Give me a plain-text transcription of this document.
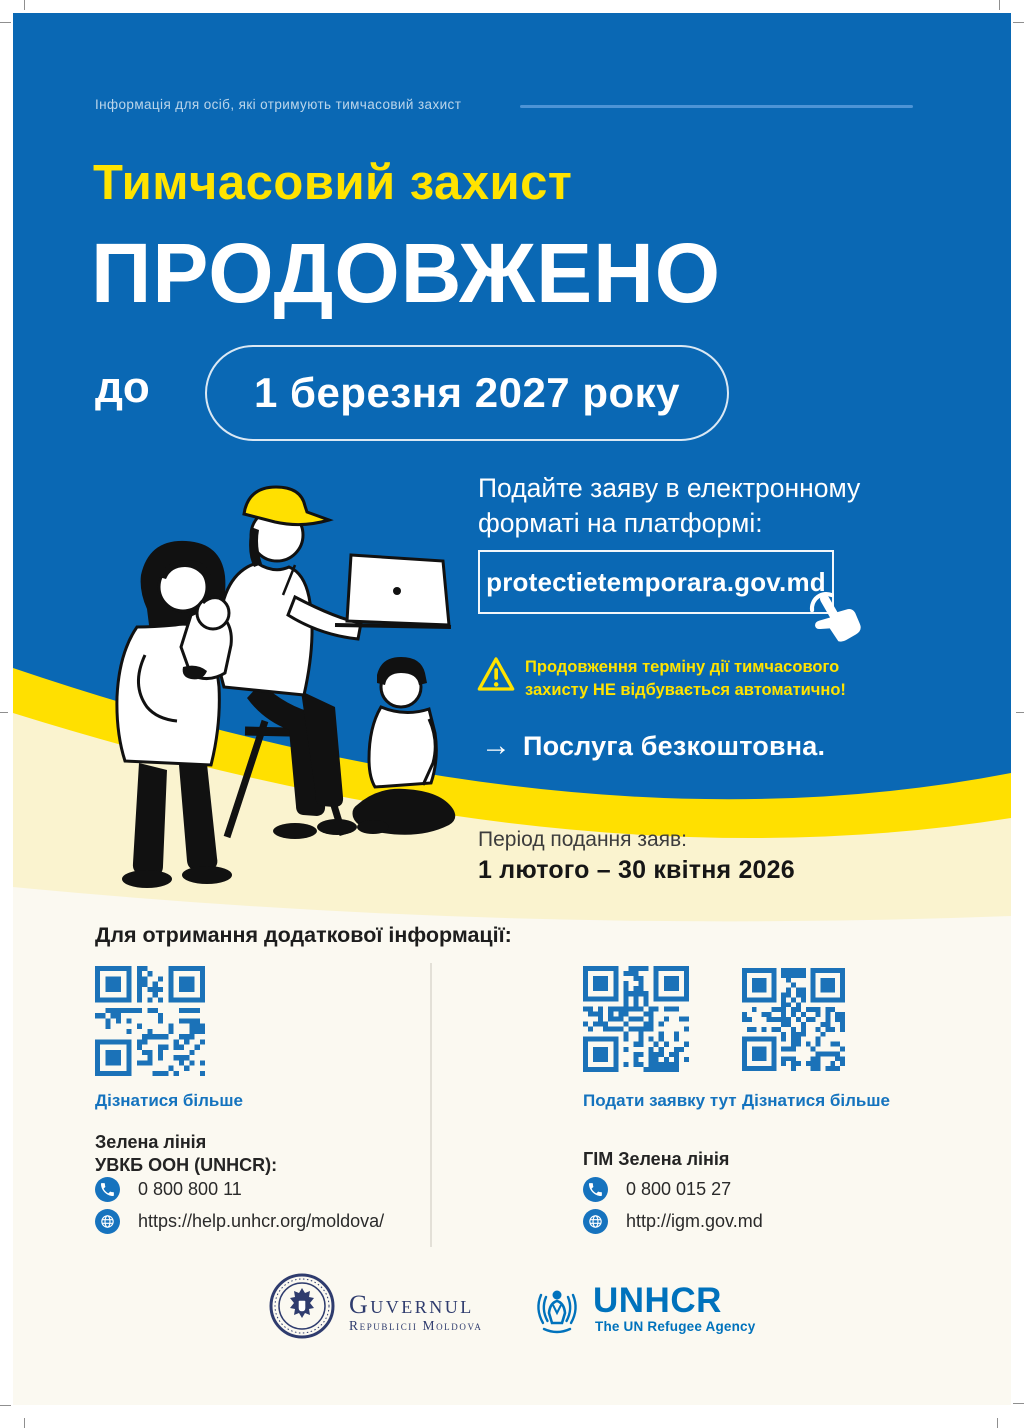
Інформація для осіб, які отримують тимчасовий захист
Тимчасовий захист
ПРОДОВЖЕНО
до 1 березня 2027 року
Подайте заяву в електронному
форматі на платформі:
protectietemporara.gov.md
Продовження терміну дії тимчасового
захисту НЕ відбувається автоматично!
→ Послуга безкоштовна.
Період подання заяв:
1 лютого – 30 квітня 2026
Для отримання додаткової інформації:
Дізнатися більше	Подати заявку тут Дізнатися більше
Зелена лінія
УВКБ ООН (UNHCR):	ГІМ Зелена лінія
0 800 800 11
https://help.unhcr.org/moldova/
0 800 015 27
http://igm.gov.md
Guvernul
Republicii Moldova
UNHCR
The UN Refugee Agency
